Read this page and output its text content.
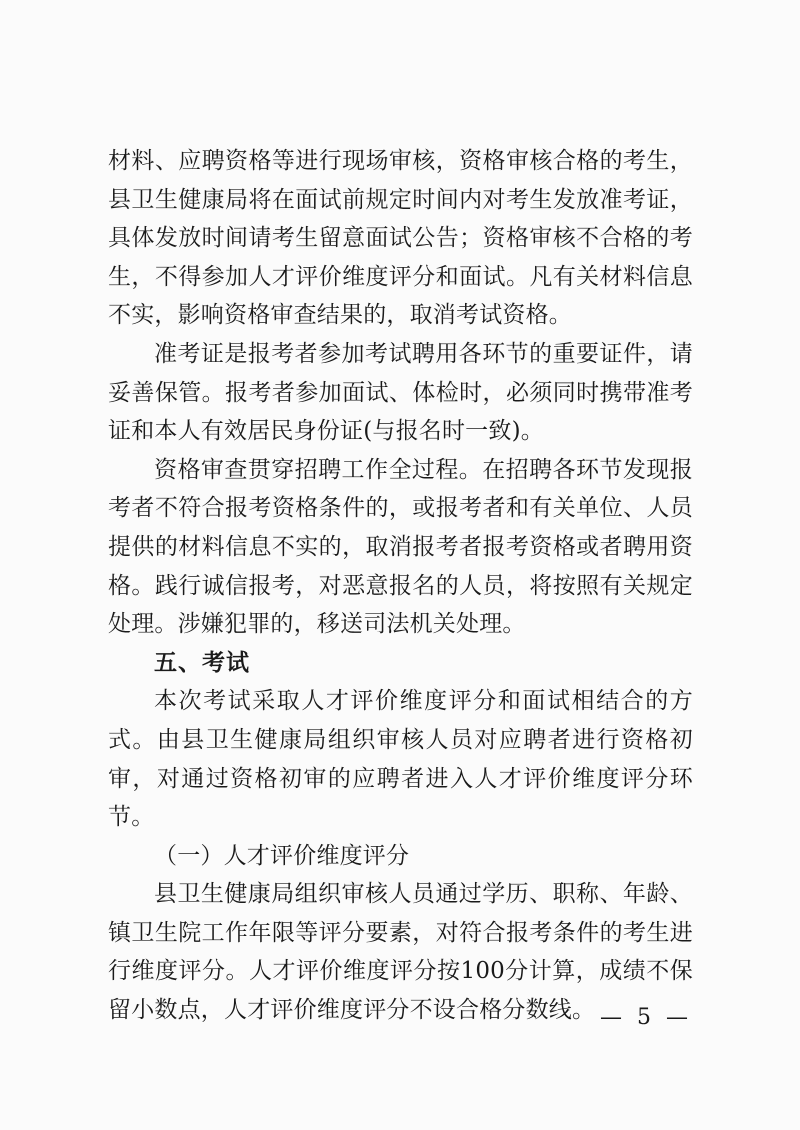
材料、应聘资格等进行现场审核，资格审核合格的考生，县卫生健康局将在面试前规定时间内对考生发放准考证，具体发放时间请考生留意面试公告；资格审核不合格的考生，不得参加人才评价维度评分和面试。凡有关材料信息不实，影响资格审查结果的，取消考试资格。

准考证是报考者参加考试聘用各环节的重要证件，请妥善保管。报考者参加面试、体检时，必须同时携带准考证和本人有效居民身份证(与报名时一致)。

资格审查贯穿招聘工作全过程。在招聘各环节发现报考者不符合报考资格条件的，或报考者和有关单位、人员提供的材料信息不实的，取消报考者报考资格或者聘用资格。践行诚信报考，对恶意报名的人员，将按照有关规定处理。涉嫌犯罪的，移送司法机关处理。

五、考试

本次考试采取人才评价维度评分和面试相结合的方式。由县卫生健康局组织审核人员对应聘者进行资格初审，对通过资格初审的应聘者进入人才评价维度评分环节。

（一）人才评价维度评分

县卫生健康局组织审核人员通过学历、职称、年龄、镇卫生院工作年限等评分要素，对符合报考条件的考生进行维度评分。人才评价维度评分按100分计算，成绩不保留小数点，人才评价维度评分不设合格分数线。 — 5 —
